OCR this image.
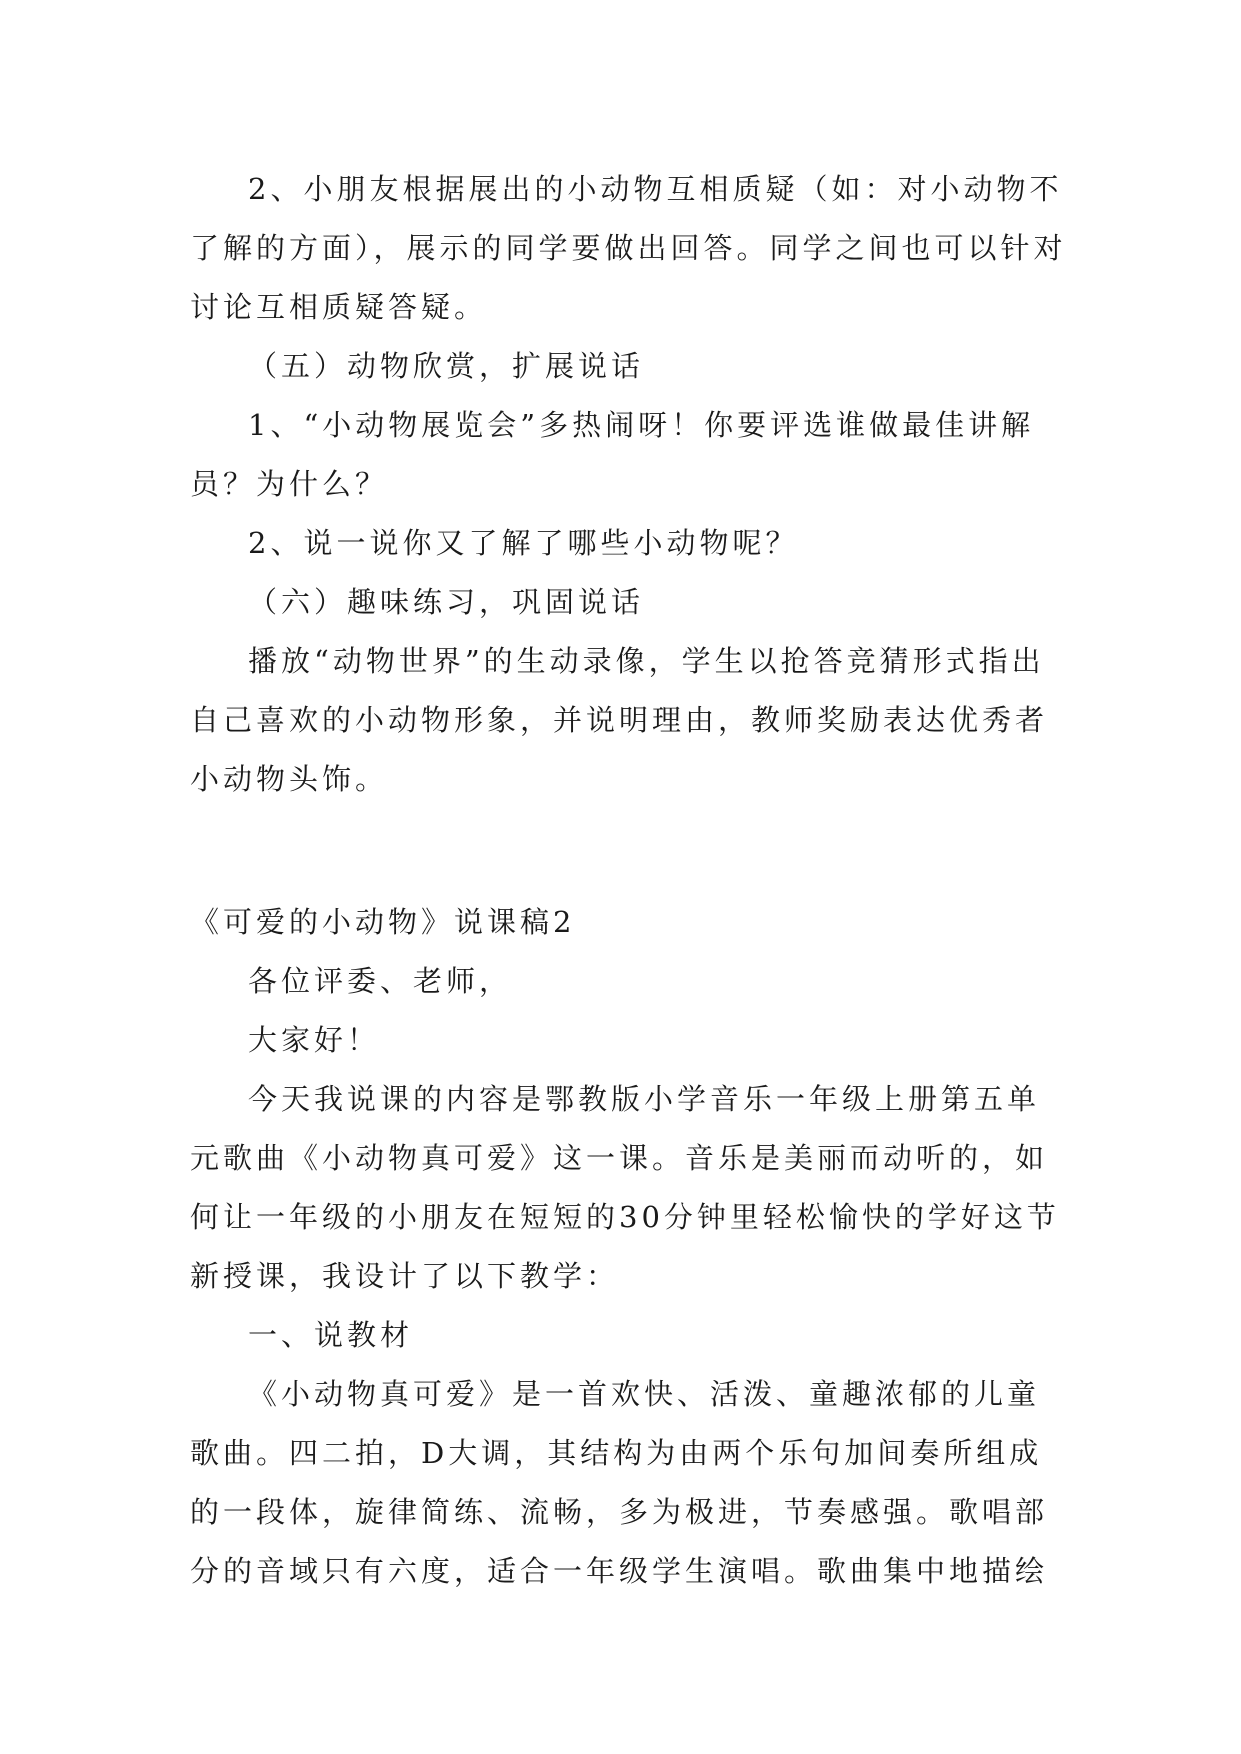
2、小朋友根据展出的小动物互相质疑（如：对小动物不了解的方面），展示的同学要做出回答。同学之间也可以针对讨论互相质疑答疑。

（五）动物欣赏，扩展说话

1、“小动物展览会”多热闹呀！你要评选谁做最佳讲解员？为什么？

2、说一说你又了解了哪些小动物呢？

（六）趣味练习，巩固说话

播放“动物世界”的生动录像，学生以抢答竞猜形式指出自己喜欢的小动物形象，并说明理由，教师奖励表达优秀者小动物头饰。

《可爱的小动物》说课稿2

各位评委、老师，

大家好！

今天我说课的内容是鄂教版小学音乐一年级上册第五单元歌曲《小动物真可爱》这一课。音乐是美丽而动听的，如何让一年级的小朋友在短短的30分钟里轻松愉快的学好这节新授课，我设计了以下教学：

一、说教材

《小动物真可爱》是一首欢快、活泼、童趣浓郁的儿童歌曲。四二拍，D大调，其结构为由两个乐句加间奏所组成的一段体，旋律简练、流畅，多为极进，节奏感强。歌唱部分的音域只有六度，适合一年级学生演唱。歌曲集中地描绘
